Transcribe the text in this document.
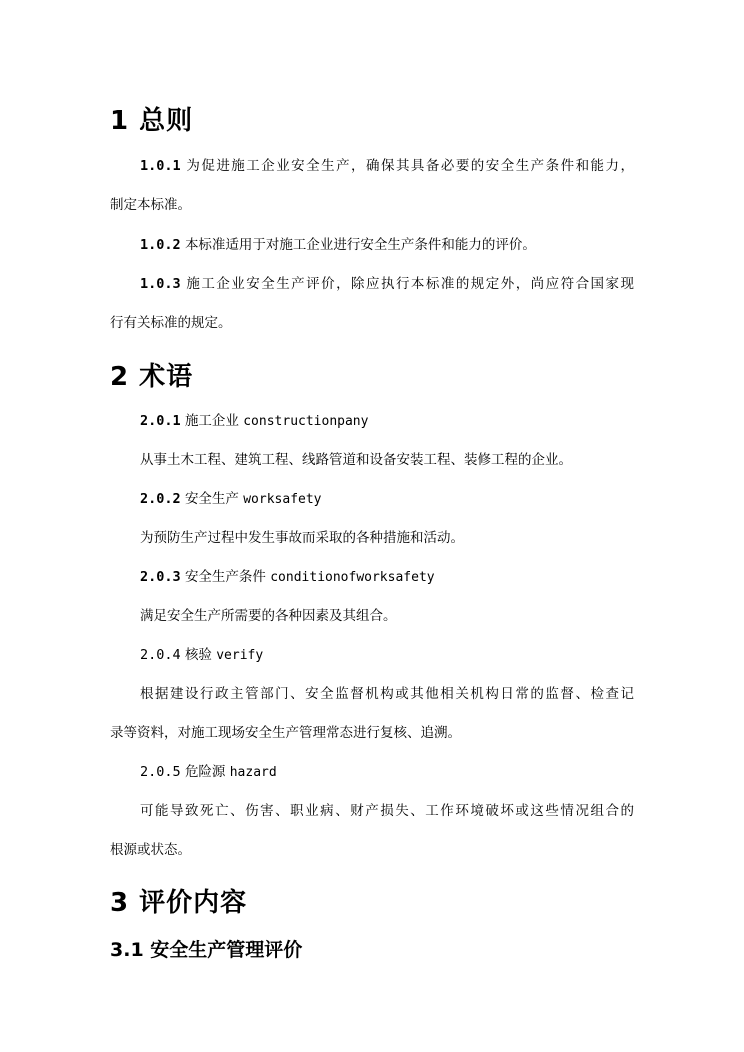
1 总则

1.0.1 为促进施工企业安全生产，确保其具备必要的安全生产条件和能力，

制定本标准。

1.0.2 本标准适用于对施工企业进行安全生产条件和能力的评价。

1.0.3 施工企业安全生产评价，除应执行本标准的规定外，尚应符合国家现

行有关标准的规定。

2 术语

2.0.1 施工企业 constructionpany

从事土木工程、建筑工程、线路管道和设备安装工程、装修工程的企业。

2.0.2 安全生产 worksafety

为预防生产过程中发生事故而采取的各种措施和活动。

2.0.3 安全生产条件 conditionofworksafety

满足安全生产所需要的各种因素及其组合。

2.0.4 核验 verify

根据建设行政主管部门、安全监督机构或其他相关机构日常的监督、检查记

录等资料，对施工现场安全生产管理常态进行复核、追溯。

2.0.5 危险源 hazard

可能导致死亡、伤害、职业病、财产损失、工作环境破坏或这些情况组合的

根源或状态。

3 评价内容
3.1 安全生产管理评价
